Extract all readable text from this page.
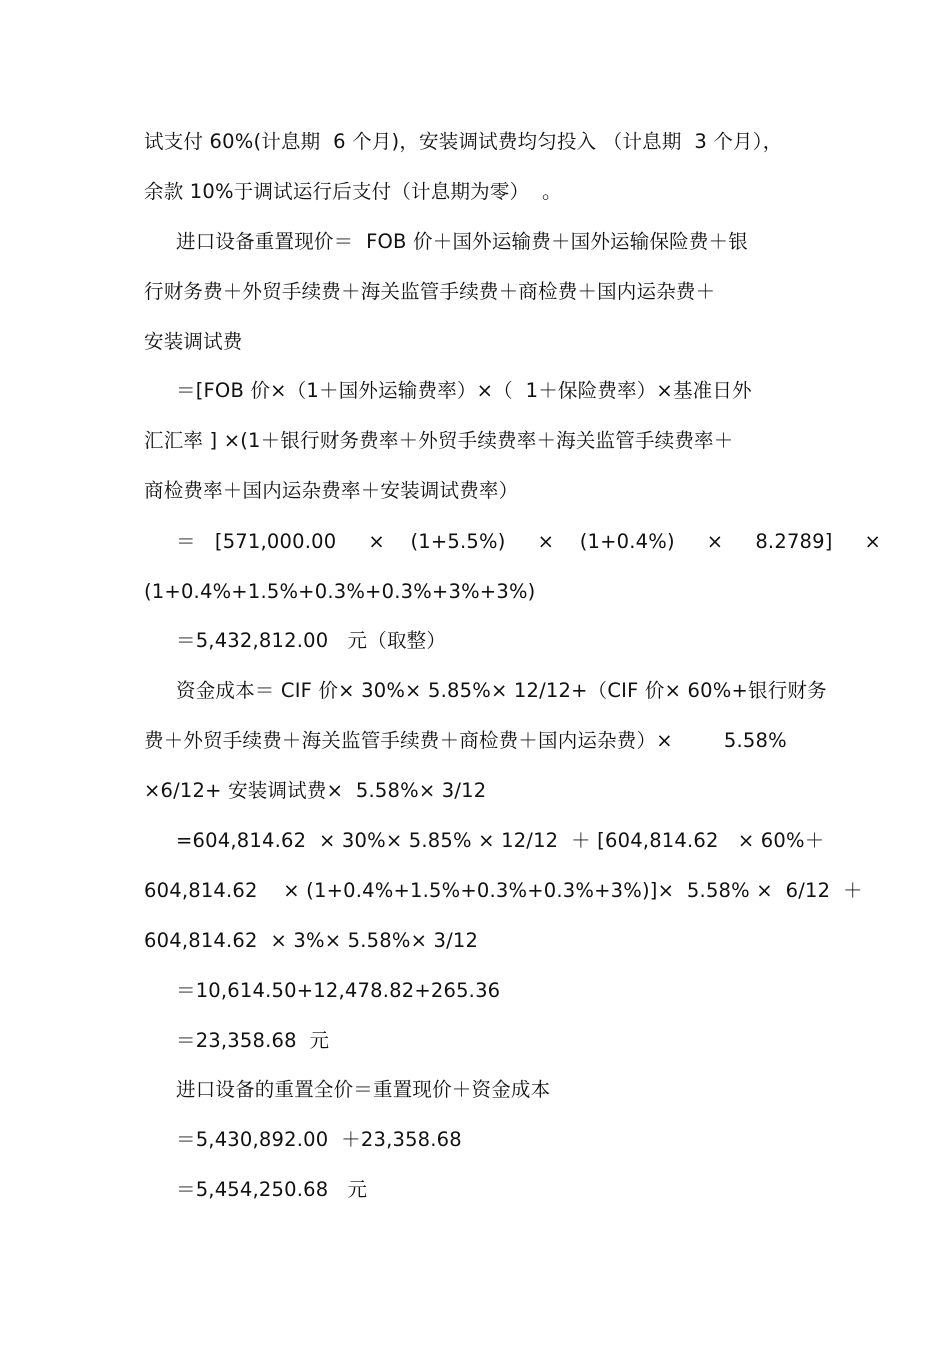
试支付 60%(计息期  6 个月)，安装调试费均匀投入 （计息期  3 个月），
余款 10%于调试运行后支付（计息期为零）  。
进口设备重置现价＝  FOB 价＋国外运输费＋国外运输保险费＋银
行财务费＋外贸手续费＋海关监管手续费＋商检费＋国内运杂费＋
安装调试费
＝[FOB 价×（1＋国外运输费率）×（  1＋保险费率）×基准日外
汇汇率 ] ×(1＋银行财务费率＋外贸手续费率＋海关监管手续费率＋
商检费率＋国内运杂费率＋安装调试费率）
＝   [571,000.00     ×    (1+5.5%)     ×    (1+0.4%)     ×     8.2789]     ×
(1+0.4%+1.5%+0.3%+0.3%+3%+3%)
＝5,432,812.00   元（取整）
资金成本＝ CIF 价× 30%× 5.85%× 12/12+（CIF 价× 60%+银行财务
费＋外贸手续费＋海关监管手续费＋商检费＋国内运杂费）×        5.58%
×6/12+ 安装调试费×  5.58%× 3/12
=604,814.62  × 30%× 5.85% × 12/12  ＋ [604,814.62   × 60%＋
604,814.62    × (1+0.4%+1.5%+0.3%+0.3%+3%)]×  5.58% ×  6/12  ＋
604,814.62  × 3%× 5.58%× 3/12
＝10,614.50+12,478.82+265.36
＝23,358.68  元
进口设备的重置全价＝重置现价＋资金成本
＝5,430,892.00  ＋23,358.68
＝5,454,250.68   元
